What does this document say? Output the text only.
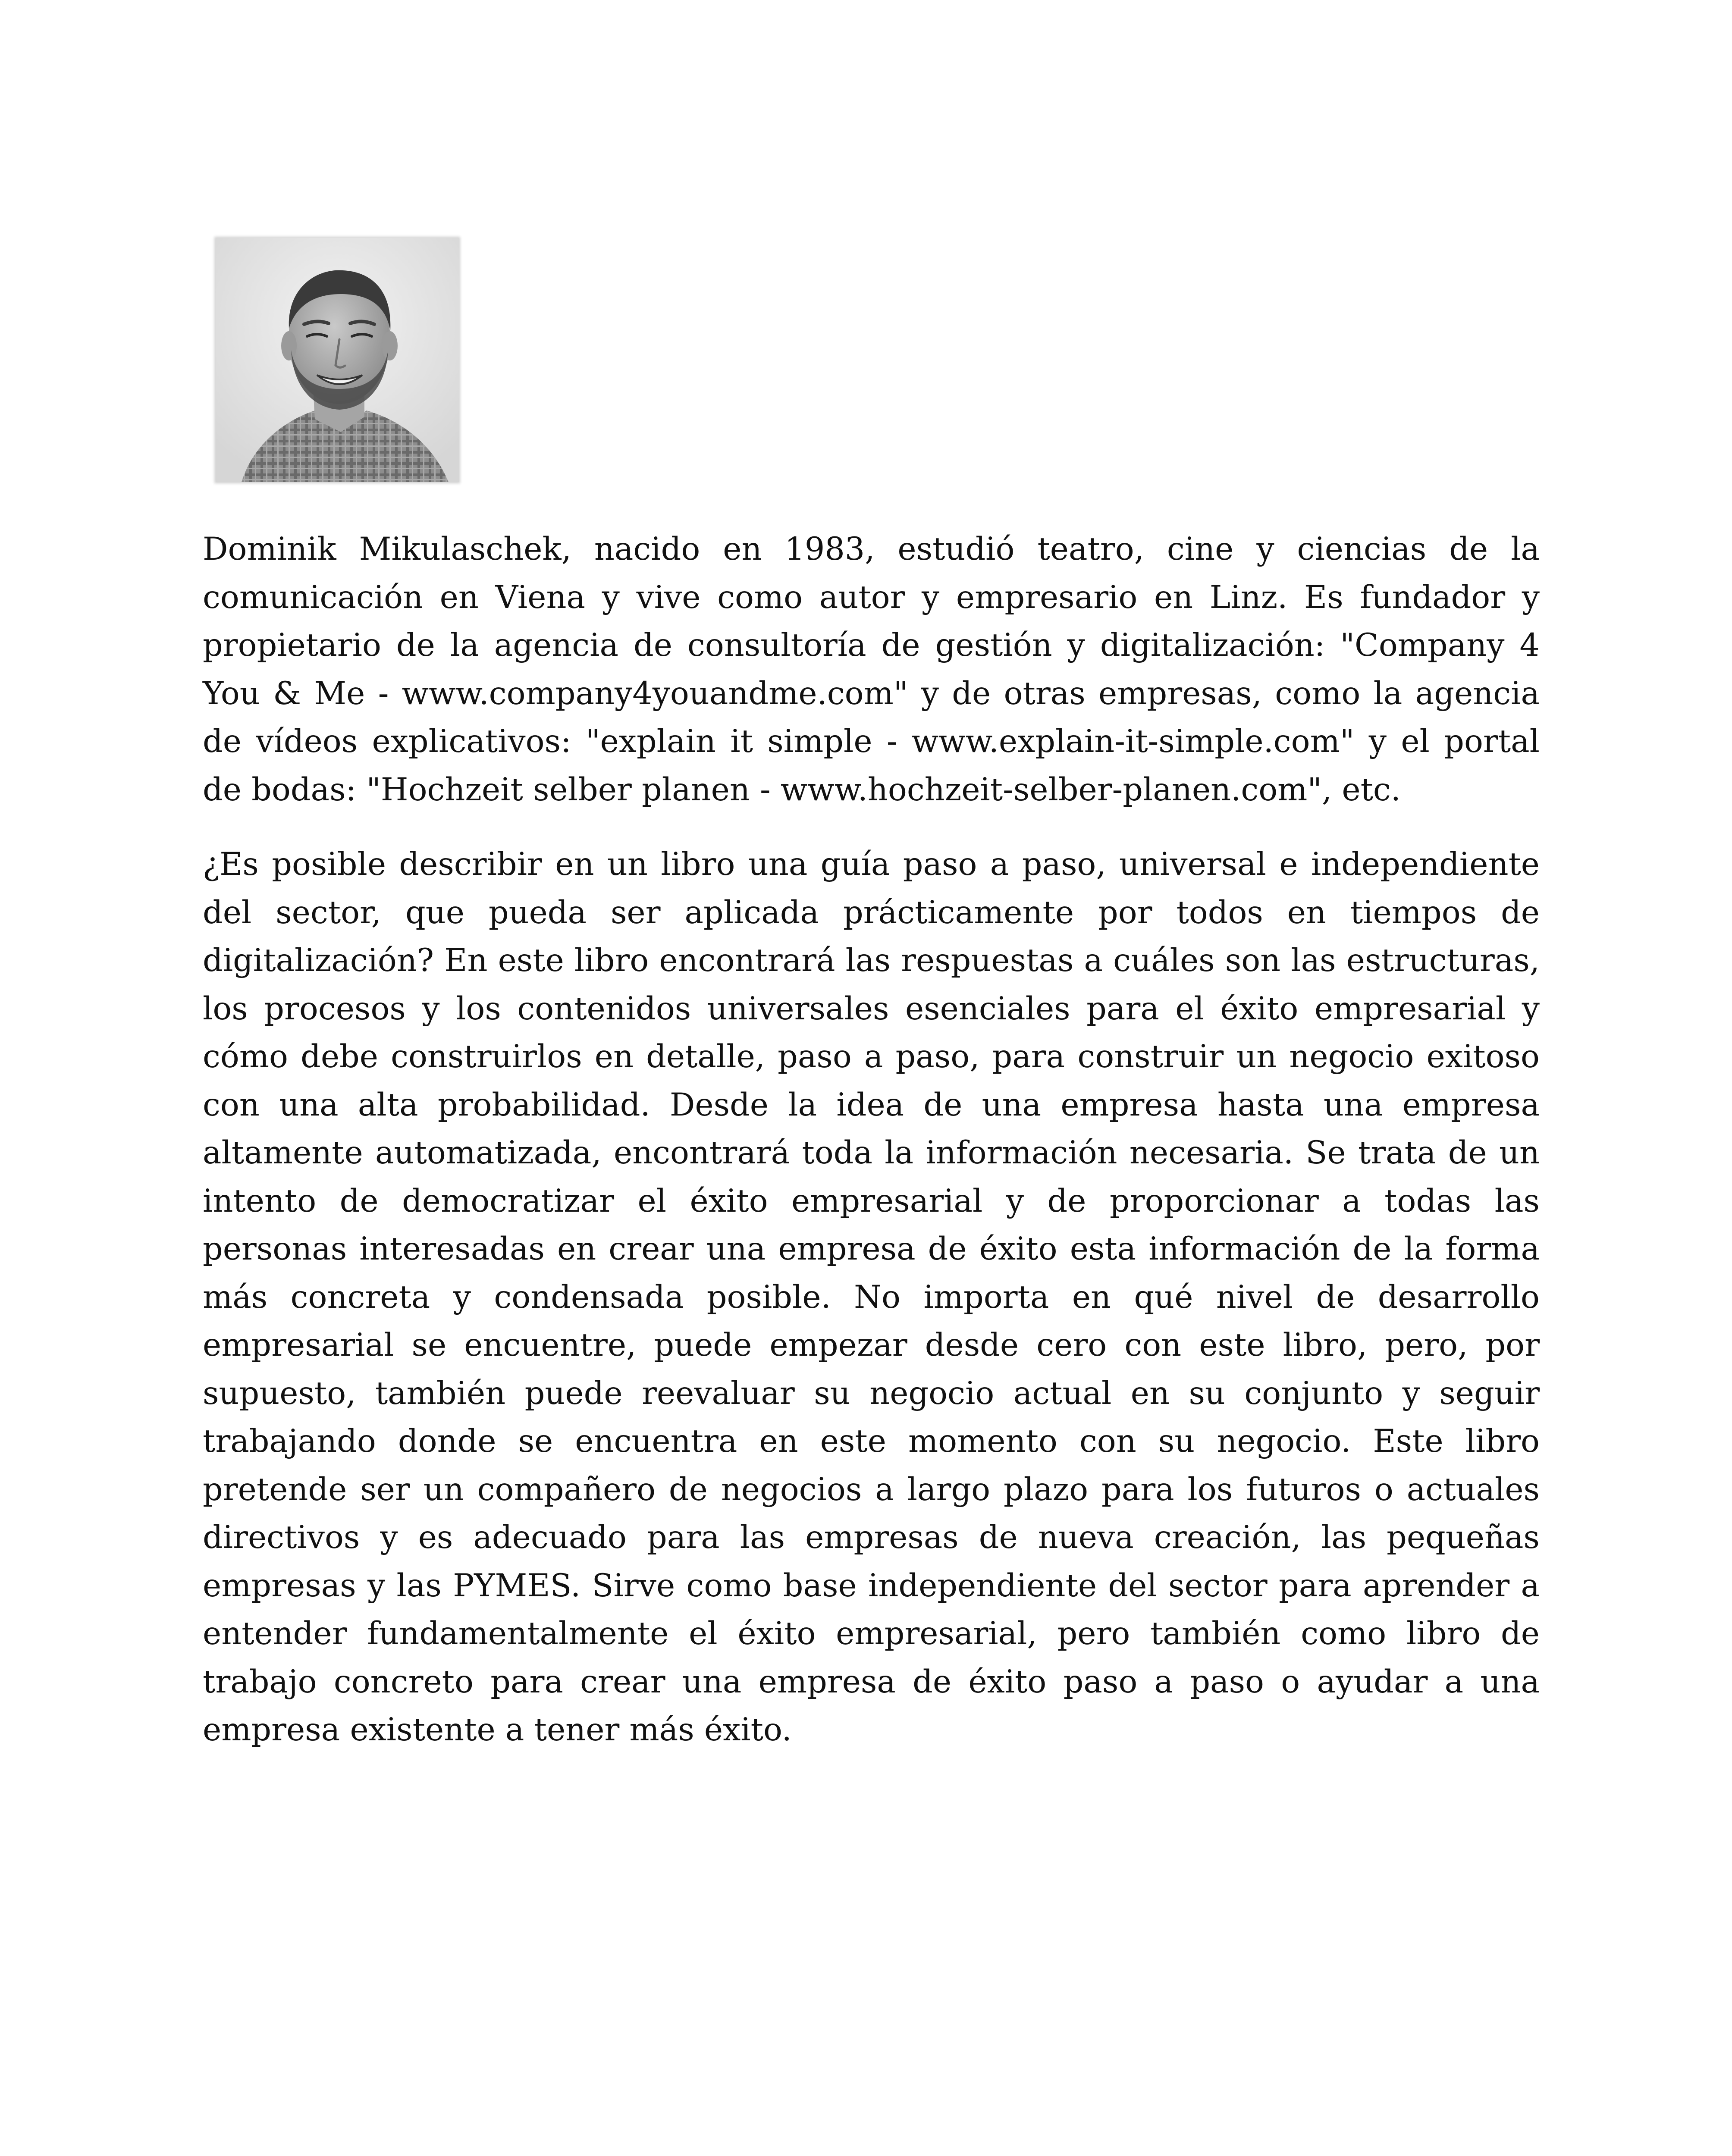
Dominik Mikulaschek, nacido en 1983, estudió teatro, cine y ciencias de la comunicación en Viena y vive como autor y empresario en Linz. Es fundador y propietario de la agencia de consultoría de gestión y digitalización: "Company 4 You & Me - www.company4youandme.com" y de otras empresas, como la agencia de vídeos explicativos: "explain it simple - www.explain-it-simple.com" y el portal de bodas: "Hochzeit selber planen - www.hochzeit-selber-planen.com", etc.

¿Es posible describir en un libro una guía paso a paso, universal e independiente del sector, que pueda ser aplicada prácticamente por todos en tiempos de digitalización? En este libro encontrará las respuestas a cuáles son las estructuras, los procesos y los contenidos universales esenciales para el éxito empresarial y cómo debe construirlos en detalle, paso a paso, para construir un negocio exitoso con una alta probabilidad. Desde la idea de una empresa hasta una empresa altamente automatizada, encontrará toda la información necesaria. Se trata de un intento de democratizar el éxito empresarial y de proporcionar a todas las personas interesadas en crear una empresa de éxito esta información de la forma más concreta y condensada posible. No importa en qué nivel de desarrollo empresarial se encuentre, puede empezar desde cero con este libro, pero, por supuesto, también puede reevaluar su negocio actual en su conjunto y seguir trabajando donde se encuentra en este momento con su negocio. Este libro pretende ser un compañero de negocios a largo plazo para los futuros o actuales directivos y es adecuado para las empresas de nueva creación, las pequeñas empresas y las PYMES. Sirve como base independiente del sector para aprender a entender fundamentalmente el éxito empresarial, pero también como libro de trabajo concreto para crear una empresa de éxito paso a paso o ayudar a una empresa existente a tener más éxito.
